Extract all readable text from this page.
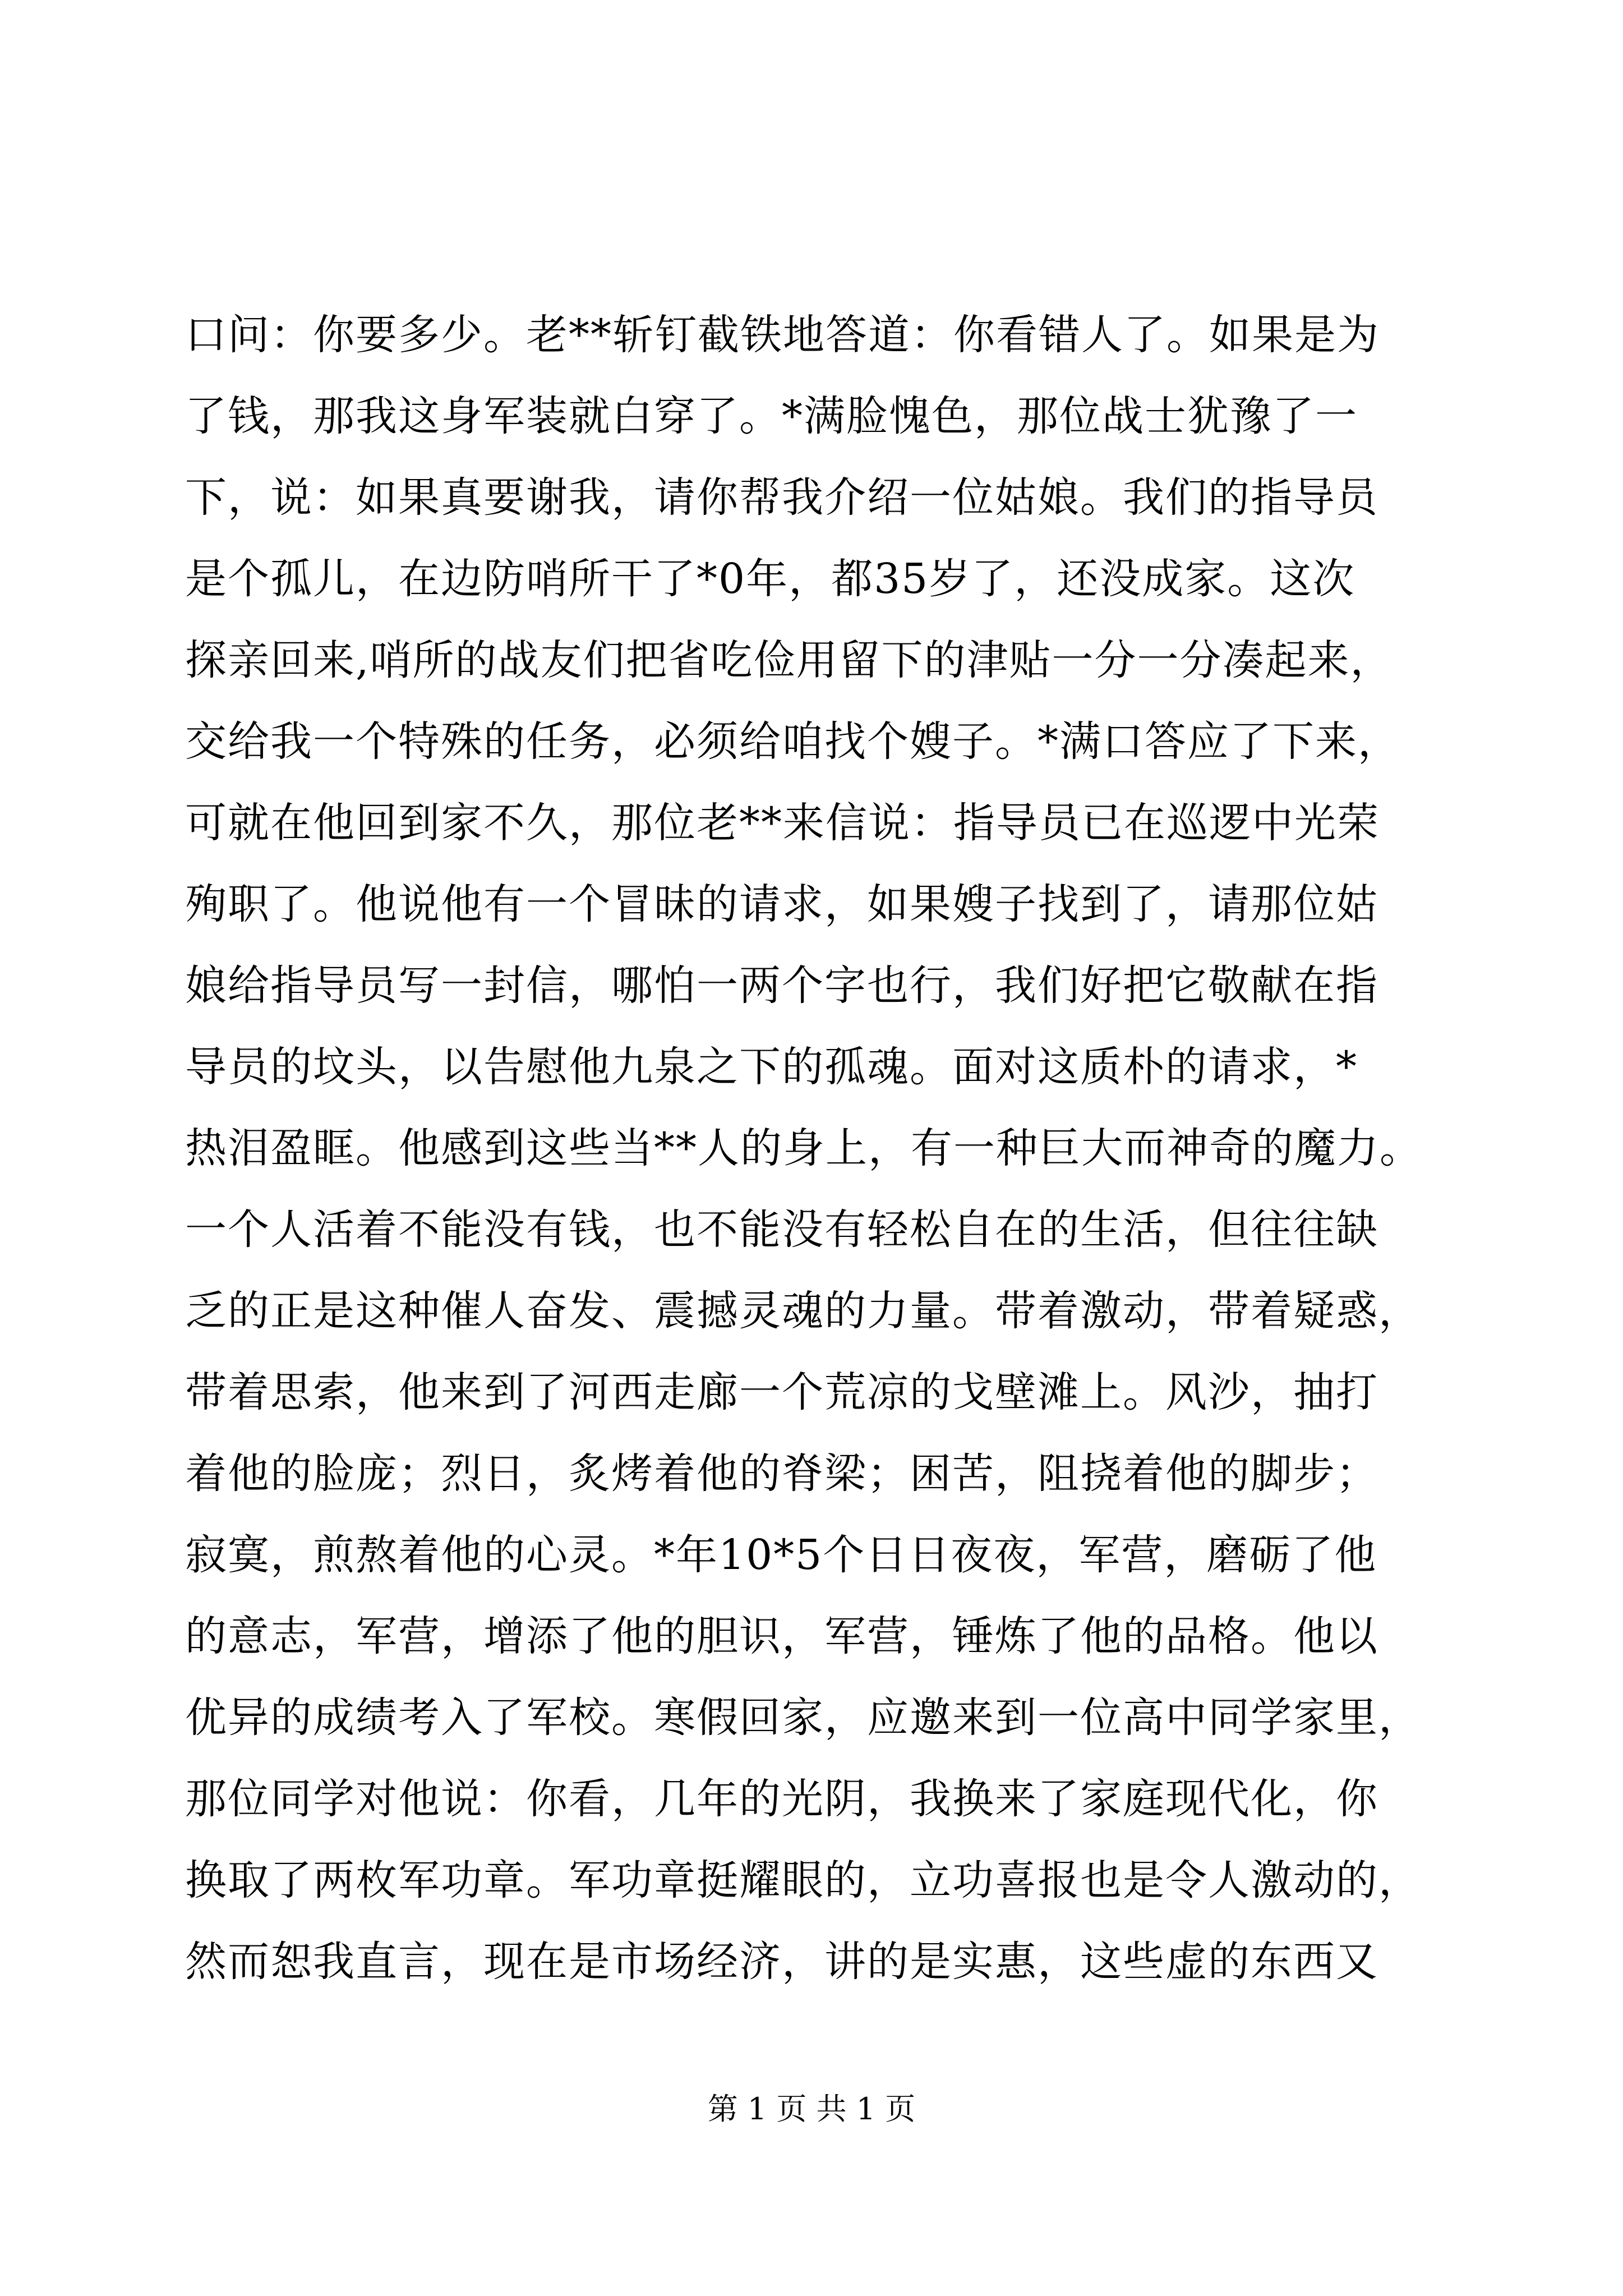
口问：你要多少。老**斩钉截铁地答道：你看错人了。如果是为
了钱，那我这身军装就白穿了。*满脸愧色，那位战士犹豫了一
下，说：如果真要谢我，请你帮我介绍一位姑娘。我们的指导员
是个孤儿，在边防哨所干了*0年，都35岁了，还没成家。这次
探亲回来,哨所的战友们把省吃俭用留下的津贴一分一分凑起来，
交给我一个特殊的任务，必须给咱找个嫂子。*满口答应了下来，
可就在他回到家不久，那位老**来信说：指导员已在巡逻中光荣
殉职了。他说他有一个冒昧的请求，如果嫂子找到了，请那位姑
娘给指导员写一封信，哪怕一两个字也行，我们好把它敬献在指
导员的坟头，以告慰他九泉之下的孤魂。面对这质朴的请求，*
热泪盈眶。他感到这些当**人的身上，有一种巨大而神奇的魔力。
一个人活着不能没有钱，也不能没有轻松自在的生活，但往往缺
乏的正是这种催人奋发、震撼灵魂的力量。带着激动，带着疑惑，
带着思索，他来到了河西走廊一个荒凉的戈壁滩上。风沙，抽打
着他的脸庞；烈日，炙烤着他的脊梁；困苦，阻挠着他的脚步；
寂寞，煎熬着他的心灵。*年10*5个日日夜夜，军营，磨砺了他
的意志，军营，增添了他的胆识，军营，锤炼了他的品格。他以
优异的成绩考入了军校。寒假回家，应邀来到一位高中同学家里，
那位同学对他说：你看，几年的光阴，我换来了家庭现代化，你
换取了两枚军功章。军功章挺耀眼的，立功喜报也是令人激动的，
然而恕我直言，现在是市场经济，讲的是实惠，这些虚的东西又
第 1 页 共 1 页
